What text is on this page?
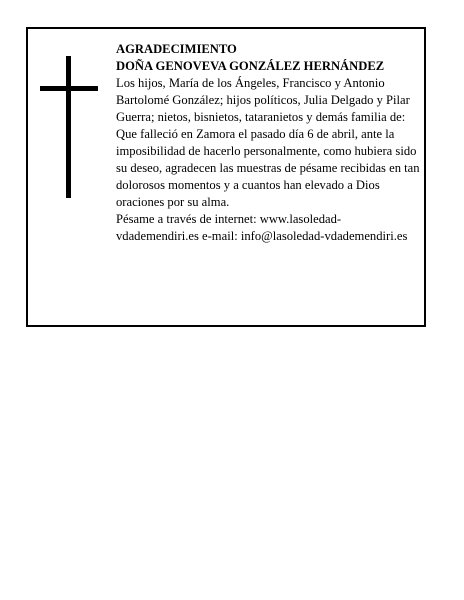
AGRADECIMIENTO
DOÑA GENOVEVA GONZÁLEZ HERNÁNDEZ

Los hijos, María de los Ángeles, Francisco y Antonio Bartolomé González; hijos políticos, Julia Delgado y Pilar Guerra; nietos, bisnietos, tataranietos y demás familia de:

Que falleció en Zamora el pasado día 6 de abril, ante la imposibilidad de hacerlo personalmente, como hubiera sido su deseo, agradecen las muestras de pésame recibidas en tan dolorosos momentos y a cuantos han elevado a Dios oraciones por su alma.

Pésame a través de internet: www.lasoledad-vdademendiri.es e-mail: info@lasoledad-vdademendiri.es
